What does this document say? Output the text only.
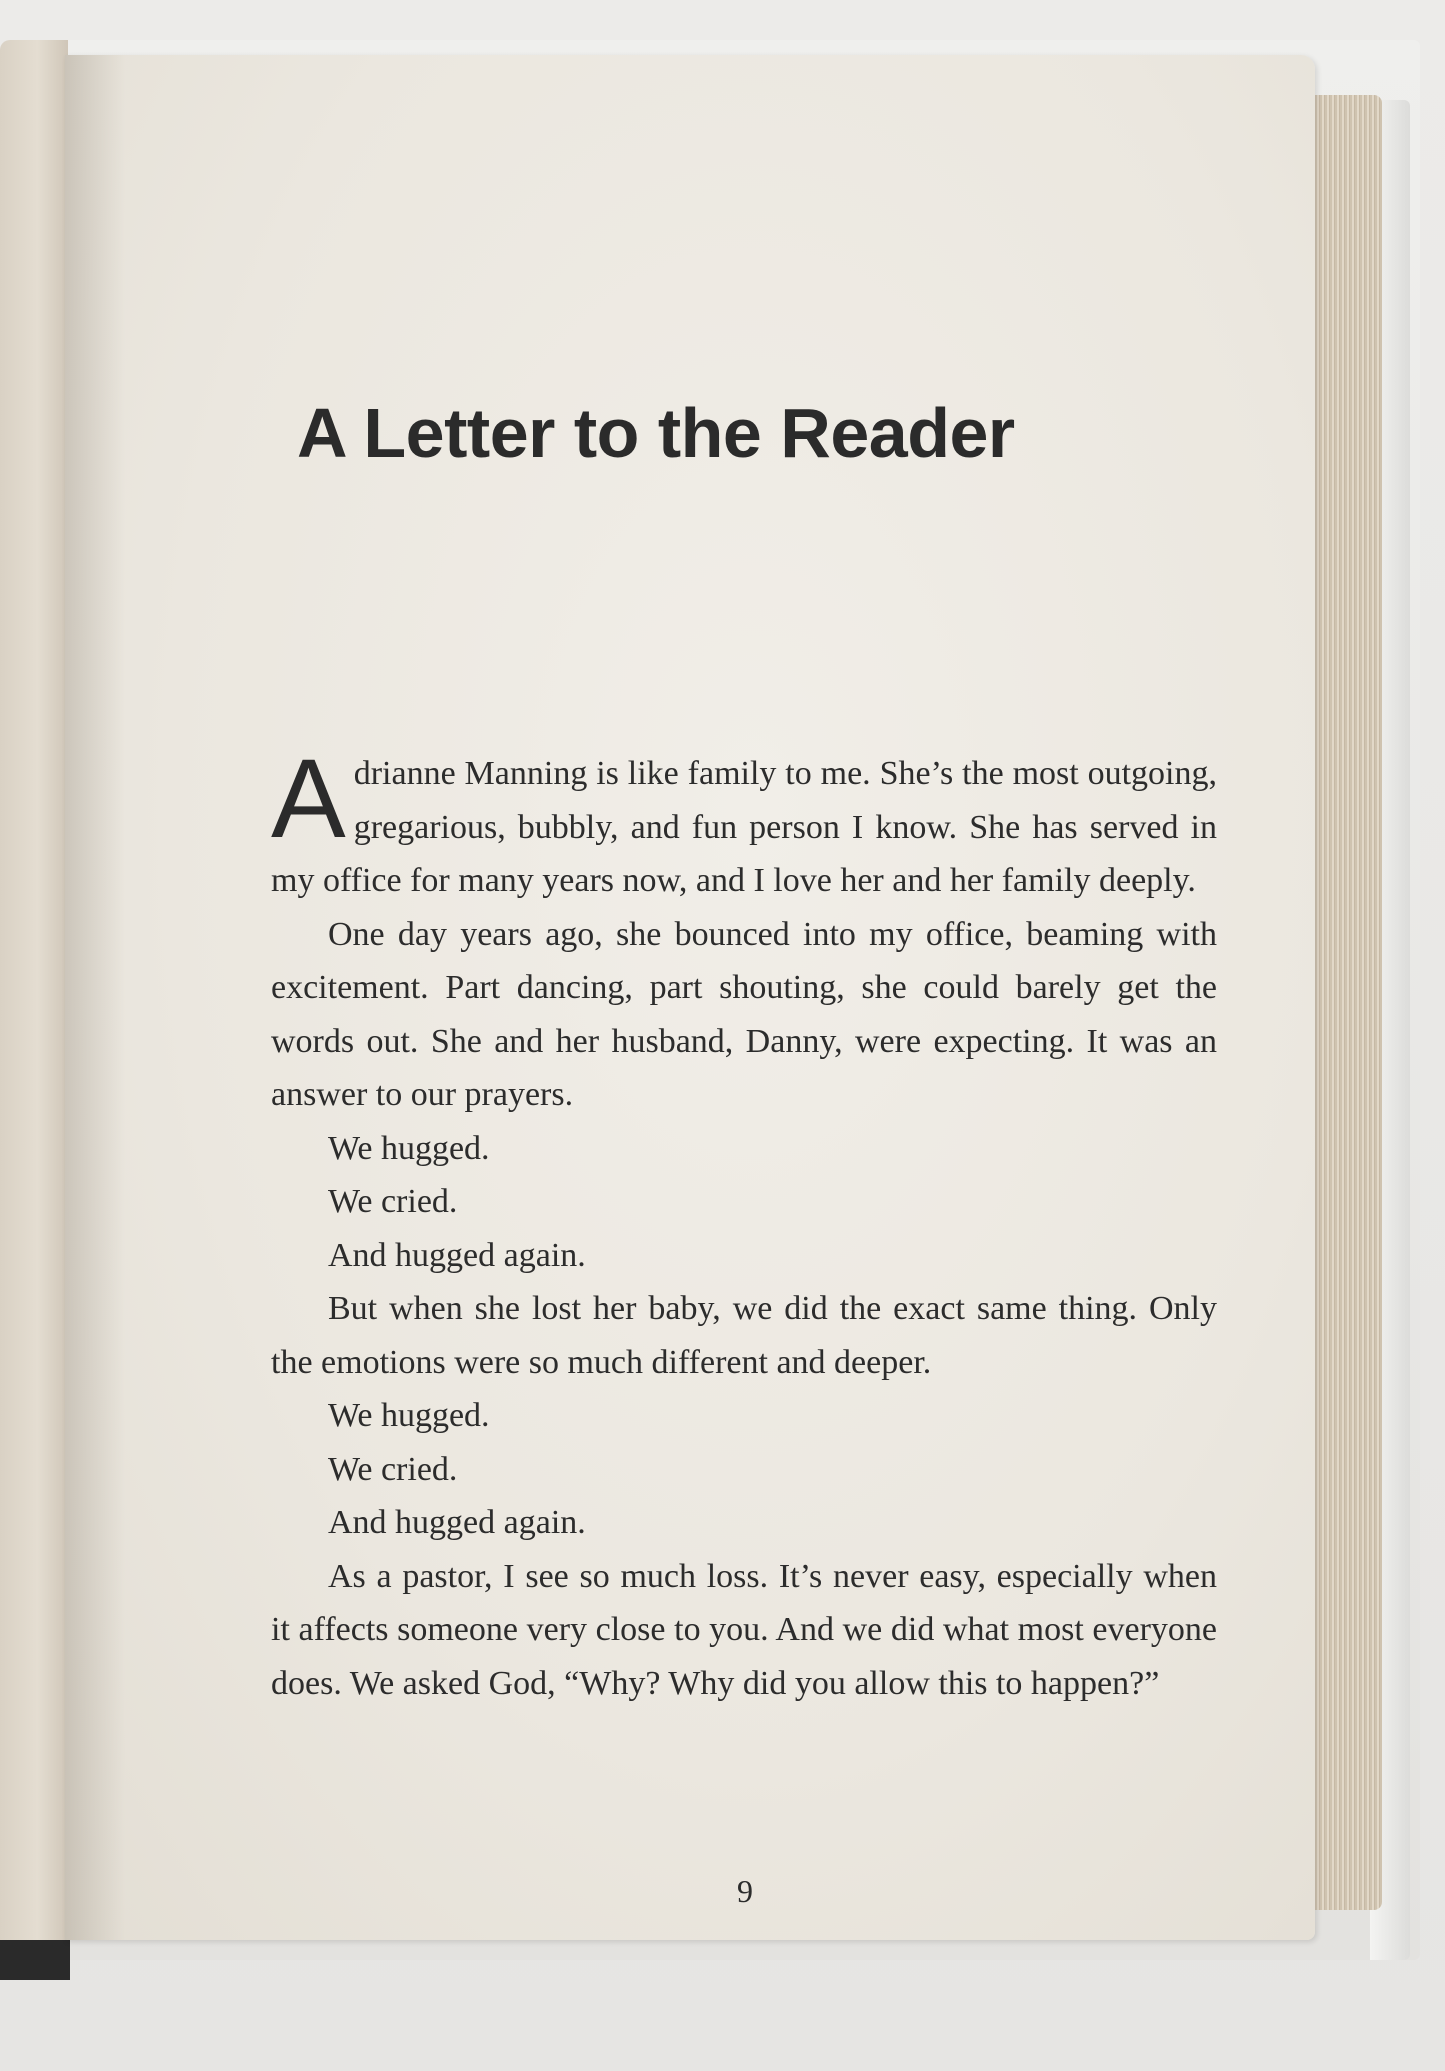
A Letter to the Reader

Adrianne Manning is like family to me. She’s the most outgoing, gregarious, bubbly, and fun person I know. She has served in my office for many years now, and I love her and her family deeply.

One day years ago, she bounced into my office, beaming with excitement. Part dancing, part shouting, she could barely get the words out. She and her husband, Danny, were expecting. It was an answer to our prayers.

We hugged.

We cried.

And hugged again.

But when she lost her baby, we did the exact same thing. Only the emotions were so much different and deeper.

We hugged.

We cried.

And hugged again.

As a pastor, I see so much loss. It’s never easy, especially when it affects someone very close to you. And we did what most everyone does. We asked God, “Why? Why did you allow this to happen?”

9
